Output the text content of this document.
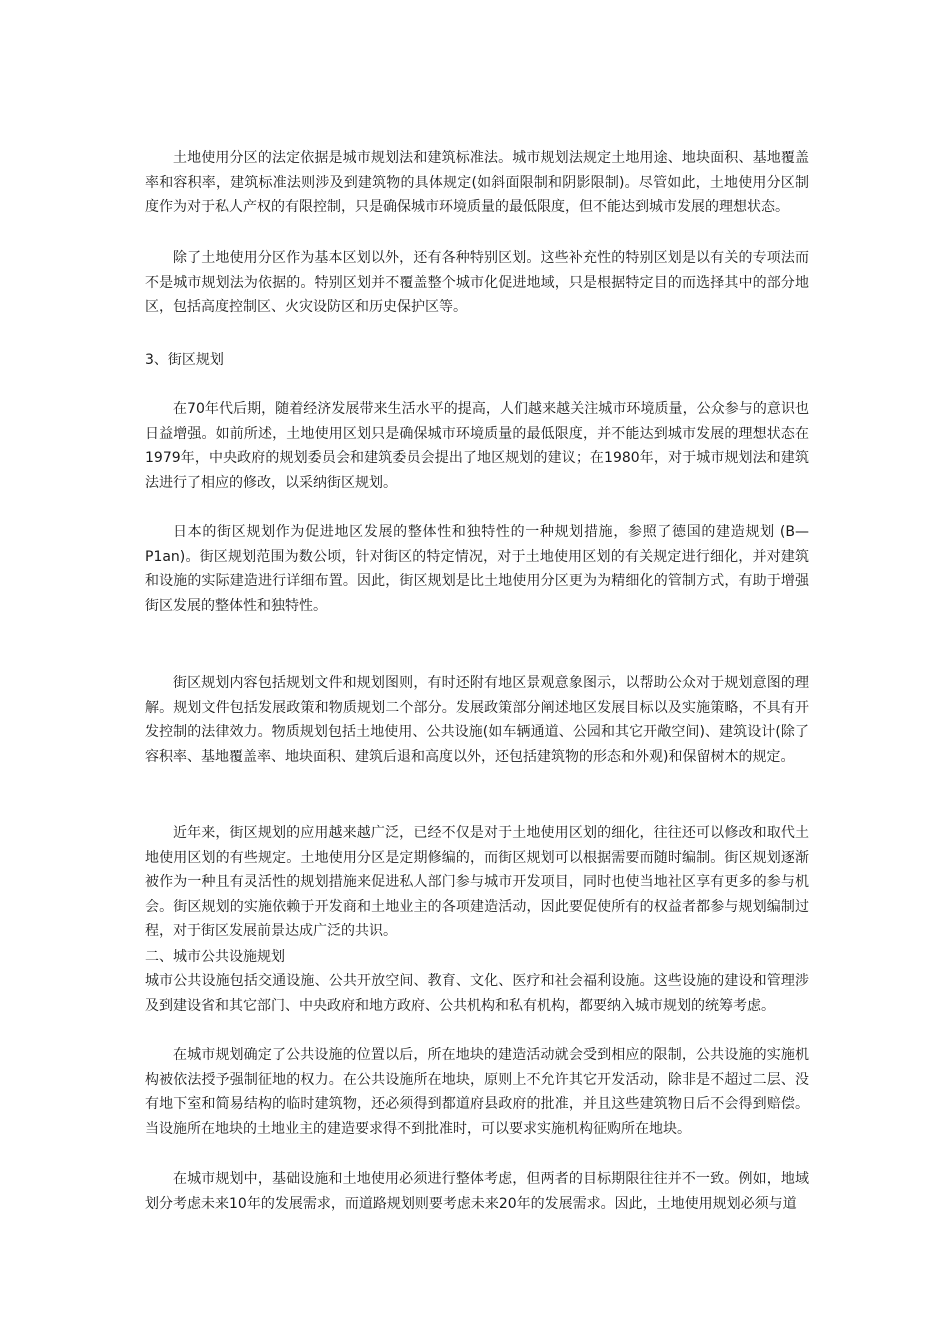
土地使用分区的法定依据是城市规划法和建筑标准法。城市规划法规定土地用途、地块面积、基地覆盖率和容积率，建筑标准法则涉及到建筑物的具体规定(如斜面限制和阴影限制)。尽管如此，土地使用分区制度作为对于私人产权的有限控制，只是确保城市环境质量的最低限度，但不能达到城市发展的理想状态。

除了土地使用分区作为基本区划以外，还有各种特别区划。这些补充性的特别区划是以有关的专项法而不是城市规划法为依据的。特别区划并不覆盖整个城市化促进地域，只是根据特定目的而选择其中的部分地区，包括高度控制区、火灾设防区和历史保护区等。

3、街区规划

在70年代后期，随着经济发展带来生活水平的提高，人们越来越关注城市环境质量，公众参与的意识也日益增强。如前所述，土地使用区划只是确保城市环境质量的最低限度，并不能达到城市发展的理想状态在1979年，中央政府的规划委员会和建筑委员会提出了地区规划的建议；在1980年，对于城市规划法和建筑法进行了相应的修改，以采纳街区规划。

日本的街区规划作为促进地区发展的整体性和独特性的一种规划措施，参照了德国的建造规划 (B—P1an)。街区规划范围为数公顷，针对街区的特定情况，对于土地使用区划的有关规定进行细化，并对建筑和设施的实际建造进行详细布置。因此，街区规划是比土地使用分区更为为精细化的管制方式，有助于增强街区发展的整体性和独特性。

街区规划内容包括规划文件和规划图则，有时还附有地区景观意象图示，以帮助公众对于规划意图的理解。规划文件包括发展政策和物质规划二个部分。发展政策部分阐述地区发展目标以及实施策略，不具有开发控制的法律效力。物质规划包括土地使用、公共设施(如车辆通道、公园和其它开敞空间)、建筑设计(除了容积率、基地覆盖率、地块面积、建筑后退和高度以外，还包括建筑物的形态和外观)和保留树木的规定。

近年来，街区规划的应用越来越广泛，已经不仅是对于土地使用区划的细化，往往还可以修改和取代土地使用区划的有些规定。土地使用分区是定期修编的，而街区规划可以根据需要而随时编制。街区规划逐渐被作为一种且有灵活性的规划措施来促进私人部门参与城市开发项目，同时也使当地社区享有更多的参与机会。街区规划的实施依赖于开发商和土地业主的各项建造活动，因此要促使所有的权益者都参与规划编制过程，对于街区发展前景达成广泛的共识。

二、城市公共设施规划

城市公共设施包括交通设施、公共开放空间、教育、文化、医疗和社会福利设施。这些设施的建设和管理涉及到建设省和其它部门、中央政府和地方政府、公共机构和私有机构，都要纳入城市规划的统筹考虑。

在城市规划确定了公共设施的位置以后，所在地块的建造活动就会受到相应的限制，公共设施的实施机构被依法授予强制征地的权力。在公共设施所在地块，原则上不允许其它开发活动，除非是不超过二层、没有地下室和简易结构的临时建筑物，还必须得到都道府县政府的批准，并且这些建筑物日后不会得到赔偿。当设施所在地块的土地业主的建造要求得不到批准时，可以要求实施机构征购所在地块。

在城市规划中，基础设施和土地使用必须进行整体考虑，但两者的目标期限往往并不一致。例如，地域划分考虑未来10年的发展需求，而道路规划则要考虑未来20年的发展需求。因此，土地使用规划必须与道
